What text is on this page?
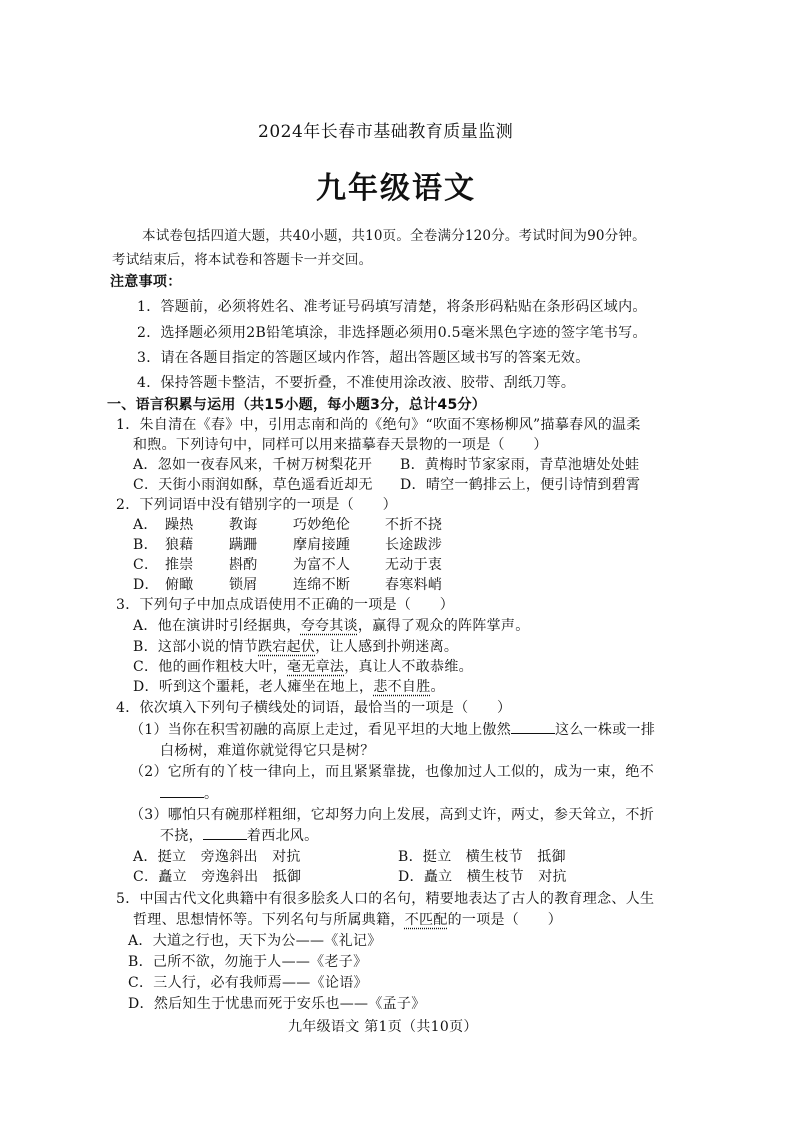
2024年长春市基础教育质量监测
九年级语文
本试卷包括四道大题，共40小题，共10页。全卷满分120分。考试时间为90分钟。
考试结束后，将本试卷和答题卡一并交回。
注意事项：
1．答题前，必须将姓名、准考证号码填写清楚，将条形码粘贴在条形码区域内。
2．选择题必须用2B铅笔填涂，非选择题必须用0.5毫米黑色字迹的签字笔书写。
3．请在各题目指定的答题区域内作答，超出答题区域书写的答案无效。
4．保持答题卡整洁，不要折叠，不准使用涂改液、胶带、刮纸刀等。
一、语言积累与运用（共15小题，每小题3分，总计45分）
1．朱自清在《春》中，引用志南和尚的《绝句》“吹面不寒杨柳风”描摹春风的温柔
和煦。下列诗句中，同样可以用来描摹春天景物的一项是（　　）
A．忽如一夜春风来，千树万树梨花开 B．黄梅时节家家雨，青草池塘处处蛙
C．天街小雨润如酥，草色遥看近却无 D．晴空一鹤排云上，便引诗情到碧霄
2．下列词语中没有错别字的一项是（　　）
A． 躁热	教诲	巧妙绝伦 不折不挠
B． 狼藉	蹒跚	摩肩接踵 长途跋涉
C． 推崇	斟酌	为富不人 无动于衷
D． 俯瞰	锁屑	连绵不断 春寒料峭
3．下列句子中加点成语使用不正确的一项是（　　）
A．他在演讲时引经据典，夸夸其谈，赢得了观众的阵阵掌声。
B．这部小说的情节跌宕起伏，让人感到扑朔迷离。
C．他的画作粗枝大叶，毫无章法，真让人不敢恭维。
D．听到这个噩耗，老人瘫坐在地上，悲不自胜。
4．依次填入下列句子横线处的词语，最恰当的一项是（　　）
（1）当你在积雪初融的高原上走过，看见平坦的大地上傲然	这么一株或一排
白杨树，难道你就觉得它只是树？
（2）它所有的丫枝一律向上，而且紧紧靠拢，也像加过人工似的，成为一束，绝不
。
（3）哪怕只有碗那样粗细，它却努力向上发展，高到丈许，两丈，参天耸立，不折
不挠，	着西北风。
A．挺立　旁逸斜出　对抗	B．挺立　横生枝节　抵御
C．矗立　旁逸斜出　抵御	D．矗立　横生枝节　对抗
5．中国古代文化典籍中有很多脍炙人口的名句，精要地表达了古人的教育理念、人生
哲理、思想情怀等。下列名句与所属典籍，不匹配的一项是（　　）
A．大道之行也，天下为公——《礼记》
B．己所不欲，勿施于人——《老子》
C．三人行，必有我师焉——《论语》
D．然后知生于忧患而死于安乐也——《孟子》
九年级语文 第1页（共10页）
